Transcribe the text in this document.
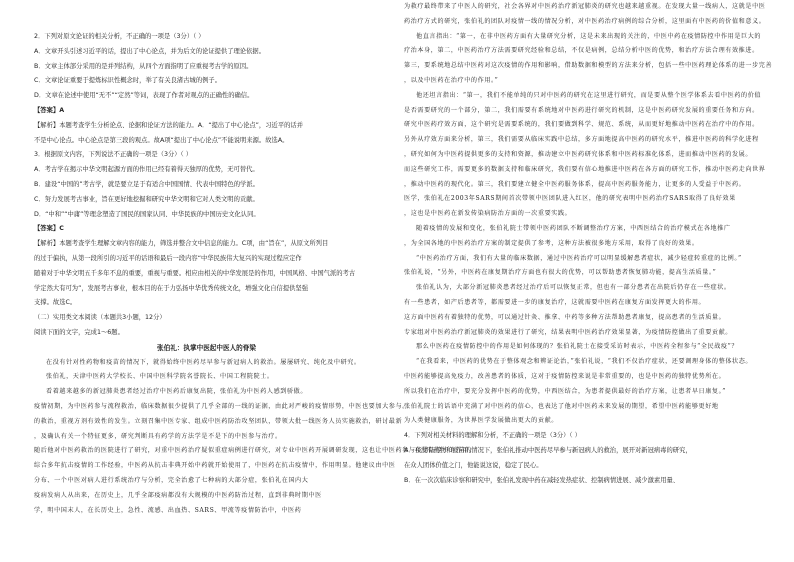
2．下列对原文论证的相关分析，不正确的一项是（3分）（ ）

A．文章开头引述习近平的话，提出了中心论点，并为后文的论证提供了理论依据。

B．文章主体部分采用的是并列结构，从四个方面指明了应重视考古学的原因。

C．文章论证重要于提炼标识性概念时，举了有关良渚古城的例子。

D．文章在论述中使用“无不”“定然”等词，表现了作者对观点的正确性的确信。

【答案】A

【解析】本题考查学生分析论点、论据和论证方法的能力。A．“提出了中心论点”，习近平的话并

不是中心论点。中心论点是第三段的观点。故A项“提出了中心论点”不能说明来源。故选A。

3．根据原文内容，下列说法不正确的一项是（3分）（ ）

A．考古学在揭示中华文明起源方面的作用已经有着得天独厚的优势，无可替代。

B．建设“中国的”考古学，就是要立足于有适合中国国情、代表中国特色的学派。

C．努力发展考古事业，旨在更好地挖掘和研究中华文明和它对人类文明的贡献。

D．“中和”“中庸”等理念塑造了国民的国家认同、中华民族的中国历史文化认同。

【答案】C

【解析】本题考查学生理解文章内容的能力，筛选并整合文中信息的能力。C项，由“旨在”，从原文所列目

的过于偏执，从第一段所引的习近平的话语和最后一段内容“中华民族伟大复兴的实现过程应定作

随着对于中华文明五千多年不息的重要，重视与重要。相应由相关的中华发展是的作用，中国风格、中国气派的考古

学定然大有可为”，发展考古事业，根本目的在于力弘扬中华优秀传统文化，增强文化自信提供坚强

支撑。故选C。

（二）实用类文本阅读（本题共3小题，12分）

阅读下面的文字，完成1～6题。

张伯礼：执掌中医起中医人的脊梁

在没有针对性药物和疫苗的情况下，就得始终中医药尽早参与新冠病人的救治。屡屡研究、纯化及中研究。

张伯礼，天津中医药大学校长、中国中医科学院名誉院长、中国工程院院士。

看着越来越多的新冠肺炎患者经过治疗中医药后康复出院，张伯礼为中医药人感到骄傲。

疫情初期，为中医药参与流程救治，临床数据很少提供了几乎全部的一线的证据，由此对严峻的疫情形势，中医也要加大参与。

的救治，重视方剂有效性的发生。立刻召集中医专家、组成中医药防治攻坚团队，带领大批一线医务人员实施救治，研讨最新

，及确认有关一个特征更多，研究判断具有药学的方法学是不是下的中医参与治疗。

随后他对中医药救治的医院进行了研究，对重中医药治疗疑似重症病例进行研究，对专业中医药开展调研发现，这也让中医药参与疫情防控中的作用。

综合多年抗击疫情的工作经验，中医药从抗击非典开始中药就开始使用了，中医药在抗击疫情中，作用明显。他建议由中医

分布、一个中医对病人进行系统治疗与分析，完全治愈了七种病的大部分症，张伯礼在国内大

疫病发病人从出来，在历史上，几乎全部疫病都没有大规模的中医药防治过程，直到非典时期中医

学，明中国末人，在长历史上，急性、流感、出血热、SARS、甲流等疫情防治中，中医药

为救疗最终带来了中医人的研究，社会各界对中医药治疗新冠肺炎的研究也越来越重视。在发现大量一线病人，这就是中医

药治疗方式的研究，张伯礼的团队对疫情一线的情况分析，对中医药治疗病例的综合分析，这里面有中医药的价值和意义。

他直言指出：“第一，在非中医药方面有大量研究分析，这是未来出现的关注的，中医中药在疫情防控中作用是巨大的

疗治本身，第二，中医药治疗方法需要研究经验和总结，不仅是病例，总结分析中医的优势，和治疗方法合理有效推进。

第三，要系统地总结中医药对这次疫情的作用和影响，借助数据和模型的方法来分析，包括一些中医药理论体系的进一步完善

，以及中医药在治疗中的作用。”

他还坦言指出：“第一，我们不能单纯的只对中医药的研究在这里进行研究，而是要从整个医学体系去看中医药的价值

是否需要研究的一个部分，第二，我们需要有系统地对中医药进行研究的机制，这是中医药研究发展的重要任务和方向。

研究中医药疗效方面，这个研究是需要系统的，我们要做到科学、规范、系统，从而更好地推动中医药在治疗中的作用。

另外从疗效方面来分析，第三，我们需要从临床实践中总结，多方面地提高中医药的研究水平，推进中医药的科学化进程

，研究如何为中医药提供更多的支持和资源，推动建立中医药研究体系和中医药标准化体系，进而推动中医药的发展。

而这些研究工作，需要更多的数据支持和临床研究，我们要有信心地推进中医药在各方面的研究工作，推动中医药走向世界

，推动中医药的现代化。第三，我们要建立健全中医药服务体系，提高中医药服务能力，让更多的人受益于中医药。

医学，张伯礼在2003年SARS期间首次带领中医团队进入红区，他的研究表明中医药治疗SARS取得了良好效果

，这也是中医药在新发传染病防治方面的一次重要实践。

随着疫情的发展和变化，张伯礼院士带领中医药团队不断调整治疗方案，中西医结合的治疗模式在各地推广

，为全国各地的中医药治疗方案的制定提供了参考，这种方法被很多地方采用，取得了良好的效果。

“中医药治疗方面，我们有大量的临床数据，通过中医药治疗可以明显缓解患者症状，减少轻症转重症的比例。”

张伯礼说，“另外，中医药在康复期治疗方面也有很大的优势，可以帮助患者恢复肺功能，提高生活质量。”

张伯礼认为，大部分新冠肺炎患者经过治疗后可以恢复正常，但也有一部分患者在出院后仍存在一些症状。

有一些患者，如产后患者等，都需要进一步的康复治疗，这就需要中医药在康复方面发挥更大的作用。

这方面中医药有着独特的优势，可以通过针灸、推拿、中药等多种方法帮助患者康复，提高患者的生活质量。

专家组对中医药治疗新冠肺炎的效果进行了研究，结果表明中医药治疗效果显著，为疫情防控做出了重要贡献。

那么中医药在疫情防控中的作用是如何体现的？张伯礼院士在接受采访时表示，中医药全程参与“全民战疫”？

“在我看来，中医药的优势在于整体观念和辨证论治，”张伯礼说，“我们不仅治疗症状，还要调理身体的整体状态。

中医药能够提高免疫力，改善患者的体质，这对于疫情防控来说是非常重要的，也是中医药的独特优势所在。

所以我们在治疗中，要充分发挥中医药的优势，中西医结合，为患者提供最好的治疗方案，让患者早日康复。”

张伯礼院士的话语中充满了对中医药的信心，也表达了他对中医药未来发展的期望，希望中医药能够更好地

为人类健康服务，为世界医学发展做出更大的贡献。

4．下列对相关材料的理解和分析，不正确的一项是（3分）（ ）

A．在没有药物和疫苗的情况下，张伯礼推动中医药尽早参与新冠病人的救治，展开对新冠病毒的研究，

在众人团体价值之门，他能说这说，稳定了民心。

B．在一次次临床诊察和研究中，张伯礼发现中药在减轻发热症状、控制病情进展、减少激素用量、
